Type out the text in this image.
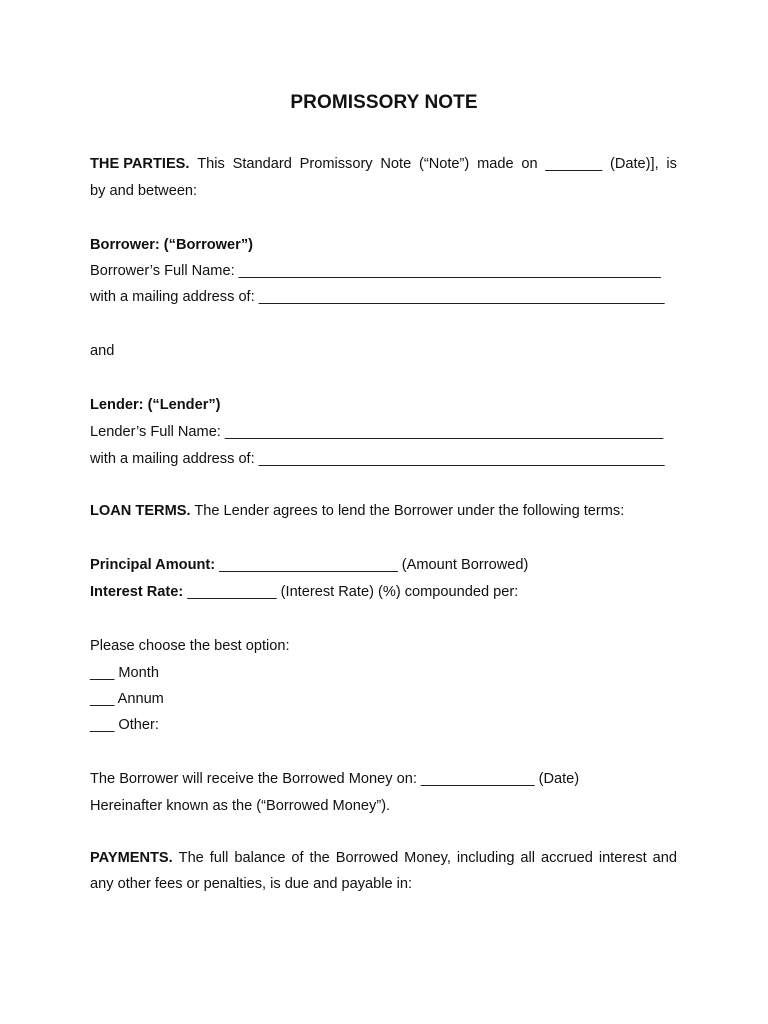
PROMISSORY NOTE
THE PARTIES. This Standard Promissory Note (“Note”) made on _______ (Date)], is
by and between:
Borrower: (“Borrower”)
Borrower’s Full Name: ____________________________________________________
with a mailing address of: __________________________________________________
and
Lender: (“Lender”)
Lender’s Full Name: ______________________________________________________
with a mailing address of: __________________________________________________
LOAN TERMS. The Lender agrees to lend the Borrower under the following terms:
Principal Amount: ______________________ (Amount Borrowed)
Interest Rate: ___________ (Interest Rate) (%) compounded per:
Please choose the best option:
___ Month
___ Annum
___ Other:
The Borrower will receive the Borrowed Money on: ______________ (Date)
Hereinafter known as the (“Borrowed Money”).
PAYMENTS. The full balance of the Borrowed Money, including all accrued interest and
any other fees or penalties, is due and payable in:
